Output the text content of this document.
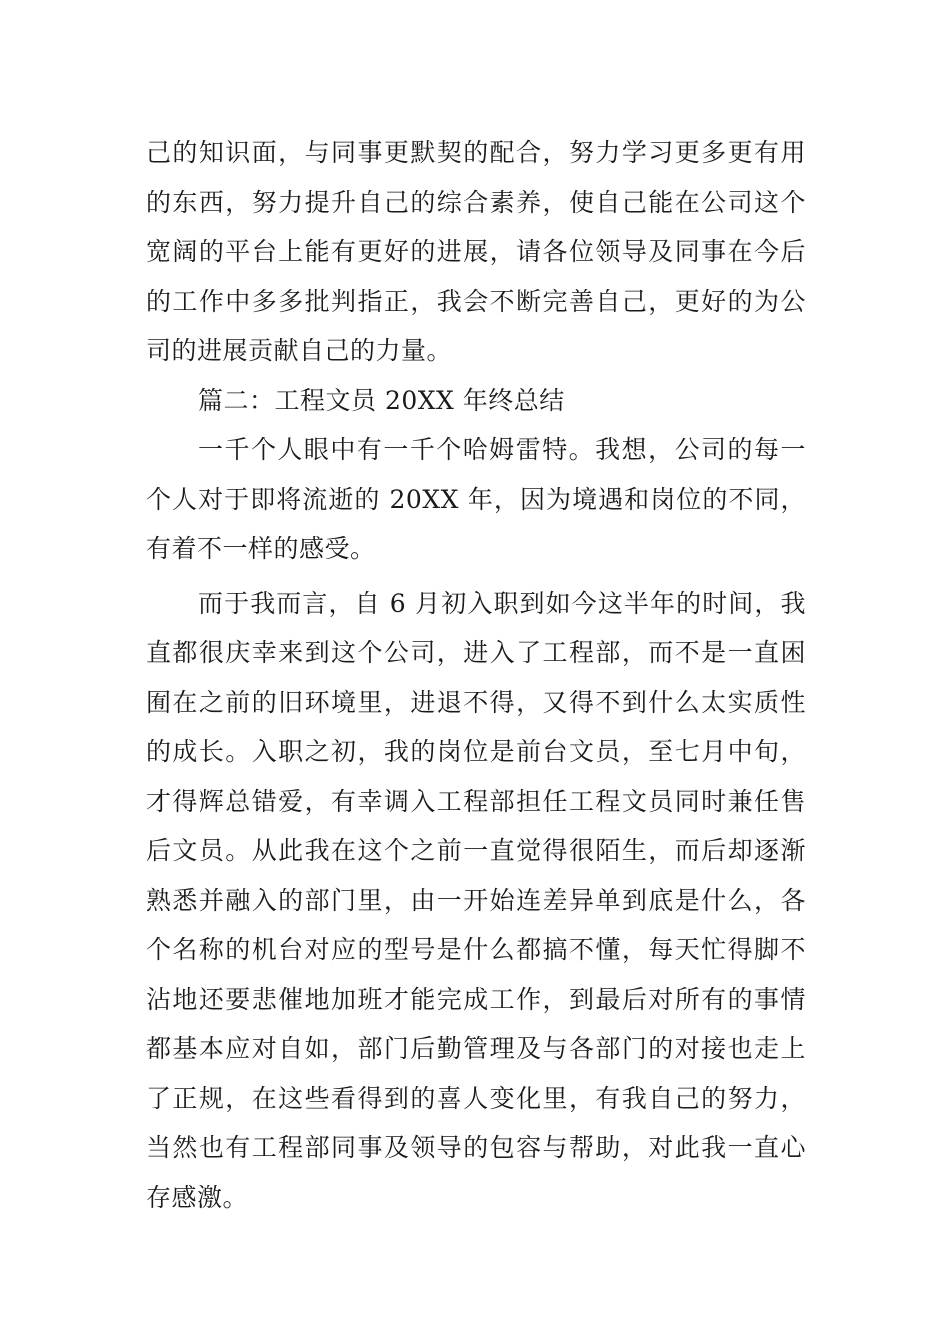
己的知识面，与同事更默契的配合，努力学习更多更有用
的东西，努力提升自己的综合素养，使自己能在公司这个
宽阔的平台上能有更好的进展，请各位领导及同事在今后
的工作中多多批判指正，我会不断完善自己，更好的为公
司的进展贡献自己的力量。
篇二：工程文员 20XX 年终总结
一千个人眼中有一千个哈姆雷特。我想，公司的每一
个人对于即将流逝的 20XX 年，因为境遇和岗位的不同，
有着不一样的感受。
而于我而言，自 6 月初入职到如今这半年的时间，我
直都很庆幸来到这个公司，进入了工程部，而不是一直困
囿在之前的旧环境里，进退不得，又得不到什么太实质性
的成长。入职之初，我的岗位是前台文员，至七月中旬，
才得辉总错爱，有幸调入工程部担任工程文员同时兼任售
后文员。从此我在这个之前一直觉得很陌生，而后却逐渐
熟悉并融入的部门里，由一开始连差异单到底是什么，各
个名称的机台对应的型号是什么都搞不懂，每天忙得脚不
沾地还要悲催地加班才能完成工作，到最后对所有的事情
都基本应对自如，部门后勤管理及与各部门的对接也走上
了正规，在这些看得到的喜人变化里，有我自己的努力，
当然也有工程部同事及领导的包容与帮助，对此我一直心
存感激。
